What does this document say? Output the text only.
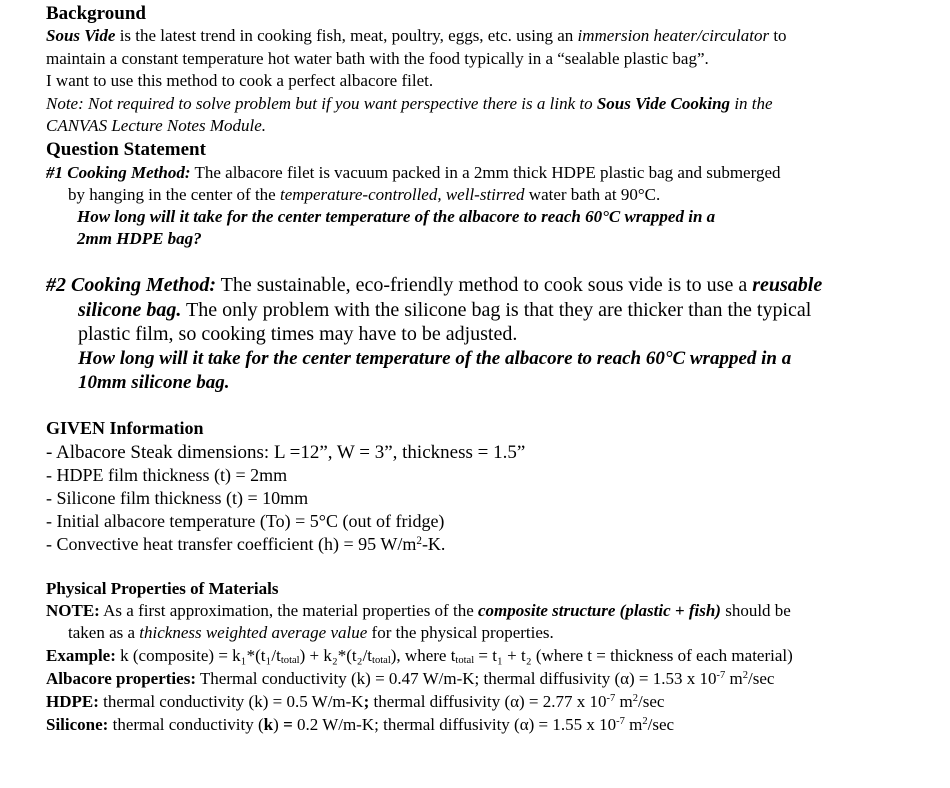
Background
Sous Vide is the latest trend in cooking fish, meat, poultry, eggs, etc. using an immersion heater/circulator to
maintain a constant temperature hot water bath with the food typically in a “sealable plastic bag”.
I want to use this method to cook a perfect albacore filet.
Note: Not required to solve problem but if you want perspective there is a link to Sous Vide Cooking in the
CANVAS Lecture Notes Module.
Question Statement
#1 Cooking Method: The albacore filet is vacuum packed in a 2mm thick HDPE plastic bag and submerged
by hanging in the center of the temperature-controlled, well-stirred water bath at 90°C.
How long will it take for the center temperature of the albacore to reach 60°C wrapped in a
2mm HDPE bag?
#2 Cooking Method: The sustainable, eco-friendly method to cook sous vide is to use a reusable
silicone bag. The only problem with the silicone bag is that they are thicker than the typical
plastic film, so cooking times may have to be adjusted.
How long will it take for the center temperature of the albacore to reach 60°C wrapped in a
10mm silicone bag.
GIVEN Information
- Albacore Steak dimensions: L =12”, W = 3”, thickness = 1.5”
- HDPE film thickness (t) = 2mm
- Silicone film thickness (t) = 10mm
- Initial albacore temperature (To) = 5°C (out of fridge)
- Convective heat transfer coefficient (h) = 95 $W/m^2-K$.
Physical Properties of Materials
NOTE: As a first approximation, the material properties of the composite structure (plastic + fish) should be
taken as a thickness weighted average value for the physical properties.
Example: k (composite) = $k_1*(t_1/t_{total}) + k_2*(t_2/t_{total})$, where $t_{total} = t_1 + t_2$ (where t = thickness of each material)
Albacore properties: Thermal conductivity (k) = 0.47 W/m-K; thermal diffusivity (α) = 1.53 x $10^{-7}$ $m^2/\sec$
HDPE: thermal conductivity (k) = 0.5 W/m-K; thermal diffusivity (α) = 2.77 x $10^{-7}$ $m^2/\sec$
Silicone: thermal conductivity (k) = 0.2 W/m-K; thermal diffusivity (α) = 1.55 x $10^{-7}$ $m^2/\sec$
